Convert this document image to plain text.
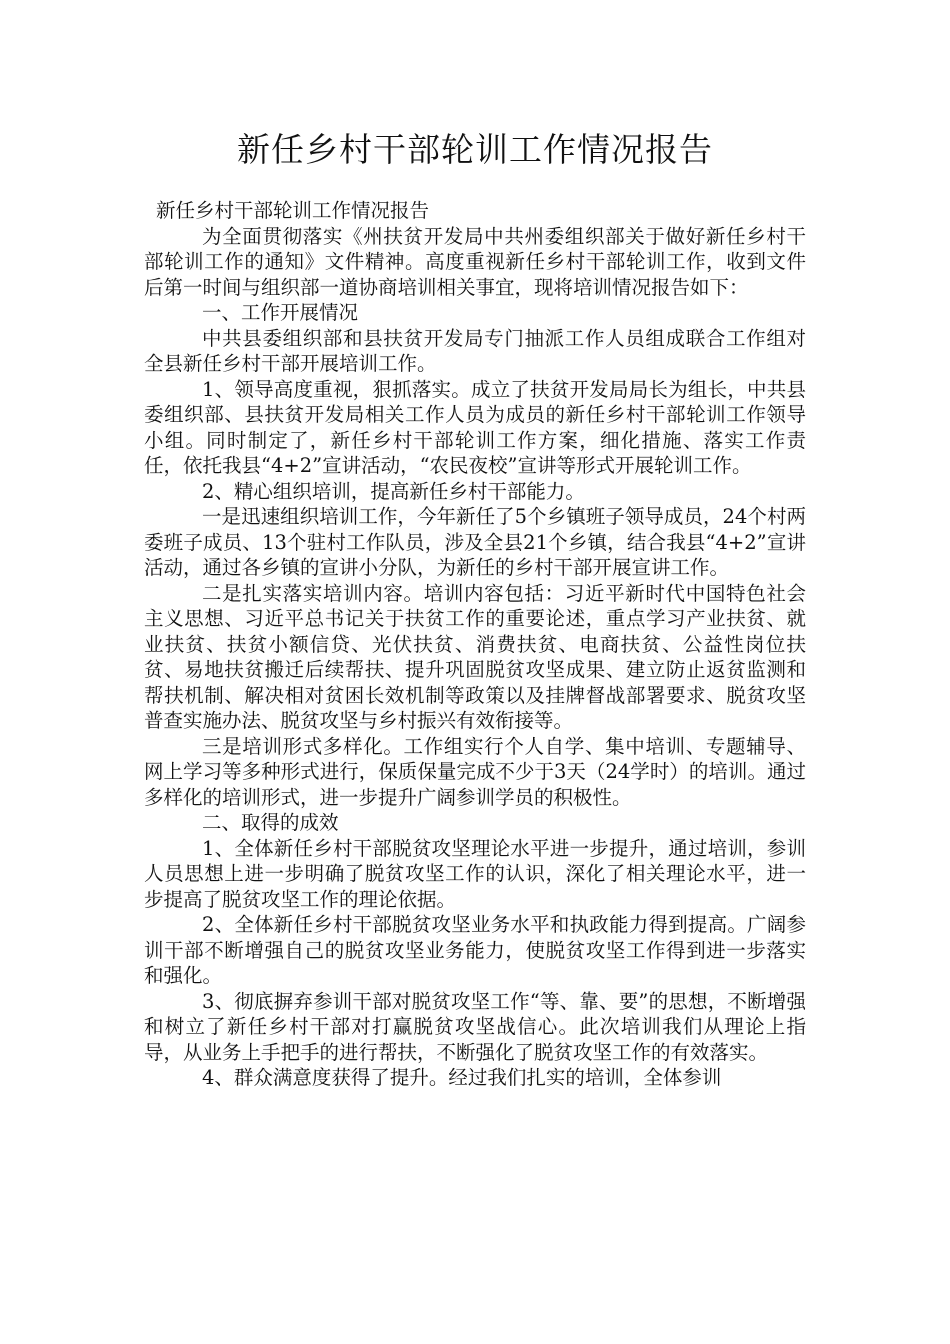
新任乡村干部轮训工作情况报告

新任乡村干部轮训工作情况报告

为全面贯彻落实《州扶贫开发局中共州委组织部关于做好新任乡村干部轮训工作的通知》文件精神。高度重视新任乡村干部轮训工作，收到文件后第一时间与组织部一道协商培训相关事宜，现将培训情况报告如下：

一、工作开展情况

中共县委组织部和县扶贫开发局专门抽派工作人员组成联合工作组对全县新任乡村干部开展培训工作。

1、领导高度重视，狠抓落实。成立了扶贫开发局局长为组长，中共县委组织部、县扶贫开发局相关工作人员为成员的新任乡村干部轮训工作领导小组。同时制定了，新任乡村干部轮训工作方案，细化措施、落实工作责任，依托我县“4+2”宣讲活动，“农民夜校”宣讲等形式开展轮训工作。

2、精心组织培训，提高新任乡村干部能力。

一是迅速组织培训工作，今年新任了5个乡镇班子领导成员，24个村两委班子成员、13个驻村工作队员，涉及全县21个乡镇，结合我县“4+2”宣讲活动，通过各乡镇的宣讲小分队，为新任的乡村干部开展宣讲工作。

二是扎实落实培训内容。培训内容包括：习近平新时代中国特色社会主义思想、习近平总书记关于扶贫工作的重要论述，重点学习产业扶贫、就业扶贫、扶贫小额信贷、光伏扶贫、消费扶贫、电商扶贫、公益性岗位扶贫、易地扶贫搬迁后续帮扶、提升巩固脱贫攻坚成果、建立防止返贫监测和帮扶机制、解决相对贫困长效机制等政策以及挂牌督战部署要求、脱贫攻坚普查实施办法、脱贫攻坚与乡村振兴有效衔接等。

三是培训形式多样化。工作组实行个人自学、集中培训、专题辅导、网上学习等多种形式进行，保质保量完成不少于3天（24学时）的培训。通过多样化的培训形式，进一步提升广阔参训学员的积极性。

二、取得的成效

1、全体新任乡村干部脱贫攻坚理论水平进一步提升，通过培训，参训人员思想上进一步明确了脱贫攻坚工作的认识，深化了相关理论水平，进一步提高了脱贫攻坚工作的理论依据。

2、全体新任乡村干部脱贫攻坚业务水平和执政能力得到提高。广阔参训干部不断增强自己的脱贫攻坚业务能力，使脱贫攻坚工作得到进一步落实和强化。

3、彻底摒弃参训干部对脱贫攻坚工作“等、靠、要”的思想，不断增强和树立了新任乡村干部对打赢脱贫攻坚战信心。此次培训我们从理论上指导，从业务上手把手的进行帮扶，不断强化了脱贫攻坚工作的有效落实。

4、群众满意度获得了提升。经过我们扎实的培训，全体参训
